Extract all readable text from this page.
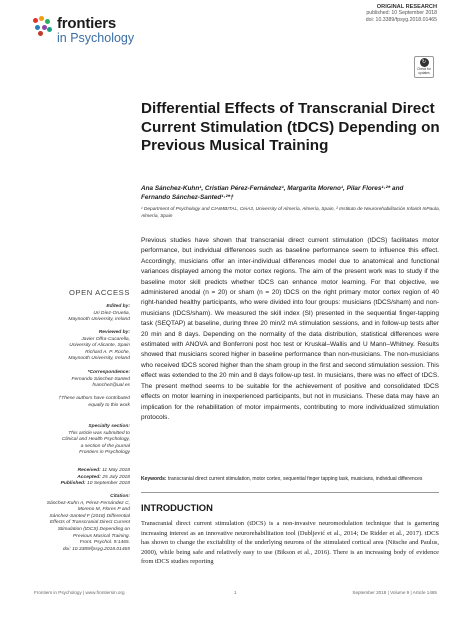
frontiers
in Psychology
ORIGINAL RESEARCH
published: 10 September 2018
doi: 10.3389/fpsyg.2018.01465
↻
Check for updates
Differential Effects of Transcranial Direct Current Stimulation (tDCS) Depending on Previous Musical Training
Ana Sánchez-Kuhn¹, Cristian Pérez-Fernández¹, Margarita Moreno¹, Pilar Flores¹·²* and
Fernando Sánchez-Santed¹·²*†
¹ Department of Psychology and CIAIMBITAL, CeiA3, University of Almería, Almería, Spain, ² Instituto de Neurorehabilitación InfantiI InPaula, Almería, Spain

Previous studies have shown that transcranial direct current stimulation (tDCS) facilitates motor performance, but individual differences such as baseline performance seem to influence this effect. Accordingly, musicians offer an inter-individual differences model due to anatomical and functional variances displayed among the motor cortex regions. The aim of the present work was to study if the baseline motor skill predicts whether tDCS can enhance motor learning. For that objective, we administered anodal (n = 20) or sham (n = 20) tDCS on the right primary motor cortex region of 40 right-handed healthy participants, who were divided into four groups: musicians (tDCS/sham) and non-musicians (tDCS/sham). We measured the skill index (SI) presented in the sequential finger-tapping task (SEQTAP) at baseline, during three 20 min/2 mA stimulation sessions, and in follow-up tests after 20 min and 8 days. Depending on the normality of the data distribution, statistical differences were estimated with ANOVA and Bonferroni post hoc test or Kruskal–Wallis and U Mann–Whitney. Results showed that musicians scored higher in baseline performance than non-musicians. The non-musicians who received tDCS scored higher than the sham group in the first and second stimulation session. This effect was extended to the 20 min and 8 days follow-up test. In musicians, there was no effect of tDCS. The present method seems to be suitable for the achievement of positive and consolidated tDCS effects on motor learning in inexperienced participants, but not in musicians. These data may have an implication for the rehabilitation of motor impairments, contributing to more individualized stimulation protocols.

Keywords: transcranial direct current stimulation, motor cortex, sequential finger tapping task, musicians, individual differences
INTRODUCTION

Transcranial direct current stimulation (tDCS) is a non-invasive neuromodulation technique that is garnering increasing interest as an innovative neurorehabilitation tool (Dubljević et al., 2014; De Ridder et al., 2017). tDCS has shown to change the excitability of the underlying neurons of the stimulated cortical area (Nitsche and Paulus, 2000), while being safe and relatively easy to use (Bikson et al., 2016). There is an increasing body of evidence from tDCS studies reporting

OPEN ACCESS
Edited by:
Uri Díez-Oruetia,
Maynooth University, Ireland
Reviewed by:
Javier Olfra-Cucarella,
University of Alicante, Spain
Richard A. P. Roche,
Maynooth University, Ireland
*Correspondence:
Fernando Sánchez-Santed
fsanchez@ual.es
†These authors have contributed
equally to this work
Specialty section:
This article was submitted to
Clinical and Health Psychology,
a section of the journal
Frontiers in Psychology
Received: 11 May 2018
Accepted: 25 July 2018
Published: 10 September 2018
Citation:
Sánchez-Kuhn A, Pérez-Fernández C,
Moreno M, Flores P and
Sánchez-Santed F (2018) Differential
Effects of Transcranial Direct Current
Stimulation (tDCS) Depending on
Previous Musical Training.
Front. Psychol. 9:1465.
doi: 10.3389/fpsyg.2018.01465
Frontiers in Psychology | www.frontiersin.org	1	September 2018 | Volume 9 | Article 1465
